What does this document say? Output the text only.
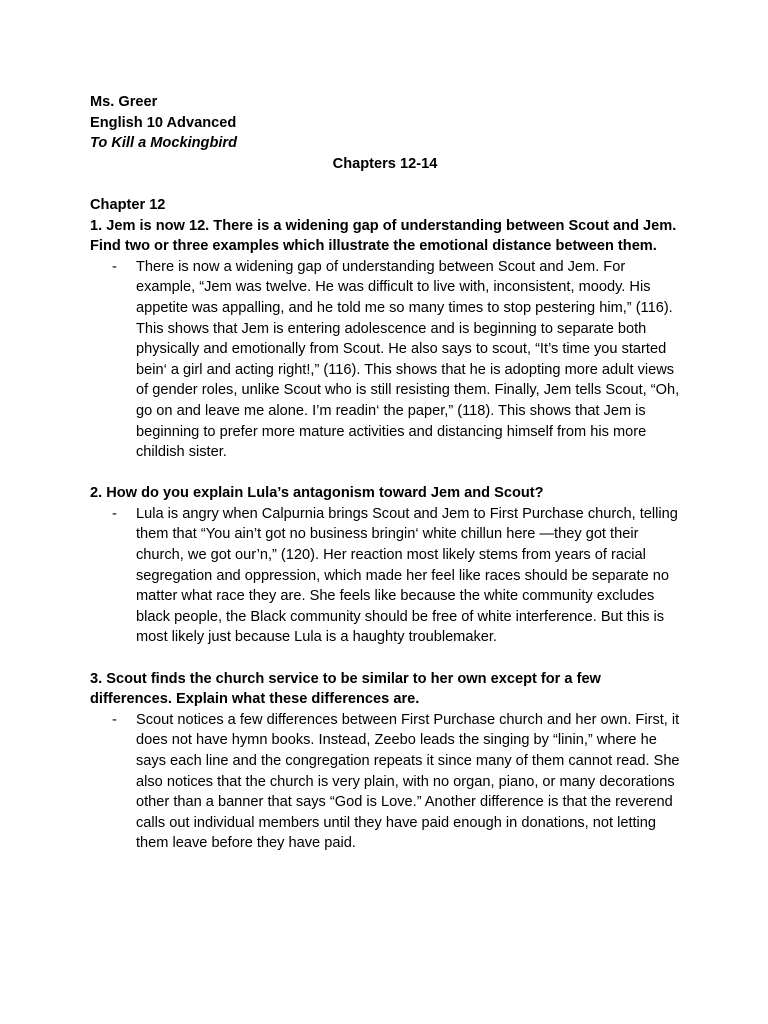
Ms. Greer

English 10 Advanced

To Kill a Mockingbird

Chapters 12-14

Chapter 12

1. Jem is now 12. There is a widening gap of understanding between Scout and Jem. Find two or three examples which illustrate the emotional distance between them.

- There is now a widening gap of understanding between Scout and Jem. For example, “Jem was twelve. He was difficult to live with, inconsistent, moody. His appetite was appalling, and he told me so many times to stop pestering him,” (116). This shows that Jem is entering adolescence and is beginning to separate both physically and emotionally from Scout. He also says to scout, “It’s time you started bein‘ a girl and acting right!,” (116). This shows that he is adopting more adult views of gender roles, unlike Scout who is still resisting them. Finally, Jem tells Scout, “Oh, go on and leave me alone. I’m readin‘ the paper,” (118). This shows that Jem is beginning to prefer more mature activities and distancing himself from his more childish sister.

2. How do you explain Lula’s antagonism toward Jem and Scout?

- Lula is angry when Calpurnia brings Scout and Jem to First Purchase church, telling them that “You ain’t got no business bringin‘ white chillun here —they got their church, we got our’n,” (120). Her reaction most likely stems from years of racial segregation and oppression, which made her feel like races should be separate no matter what race they are. She feels like because the white community excludes black people, the Black community should be free of white interference. But this is most likely just because Lula is a haughty troublemaker.

3. Scout finds the church service to be similar to her own except for a few differences. Explain what these differences are.

- Scout notices a few differences between First Purchase church and her own. First, it does not have hymn books. Instead, Zeebo leads the singing by “linin,” where he says each line and the congregation repeats it since many of them cannot read. She also notices that the church is very plain, with no organ, piano, or many decorations other than a banner that says “God is Love.” Another difference is that the reverend calls out individual members until they have paid enough in donations, not letting them leave before they have paid.
